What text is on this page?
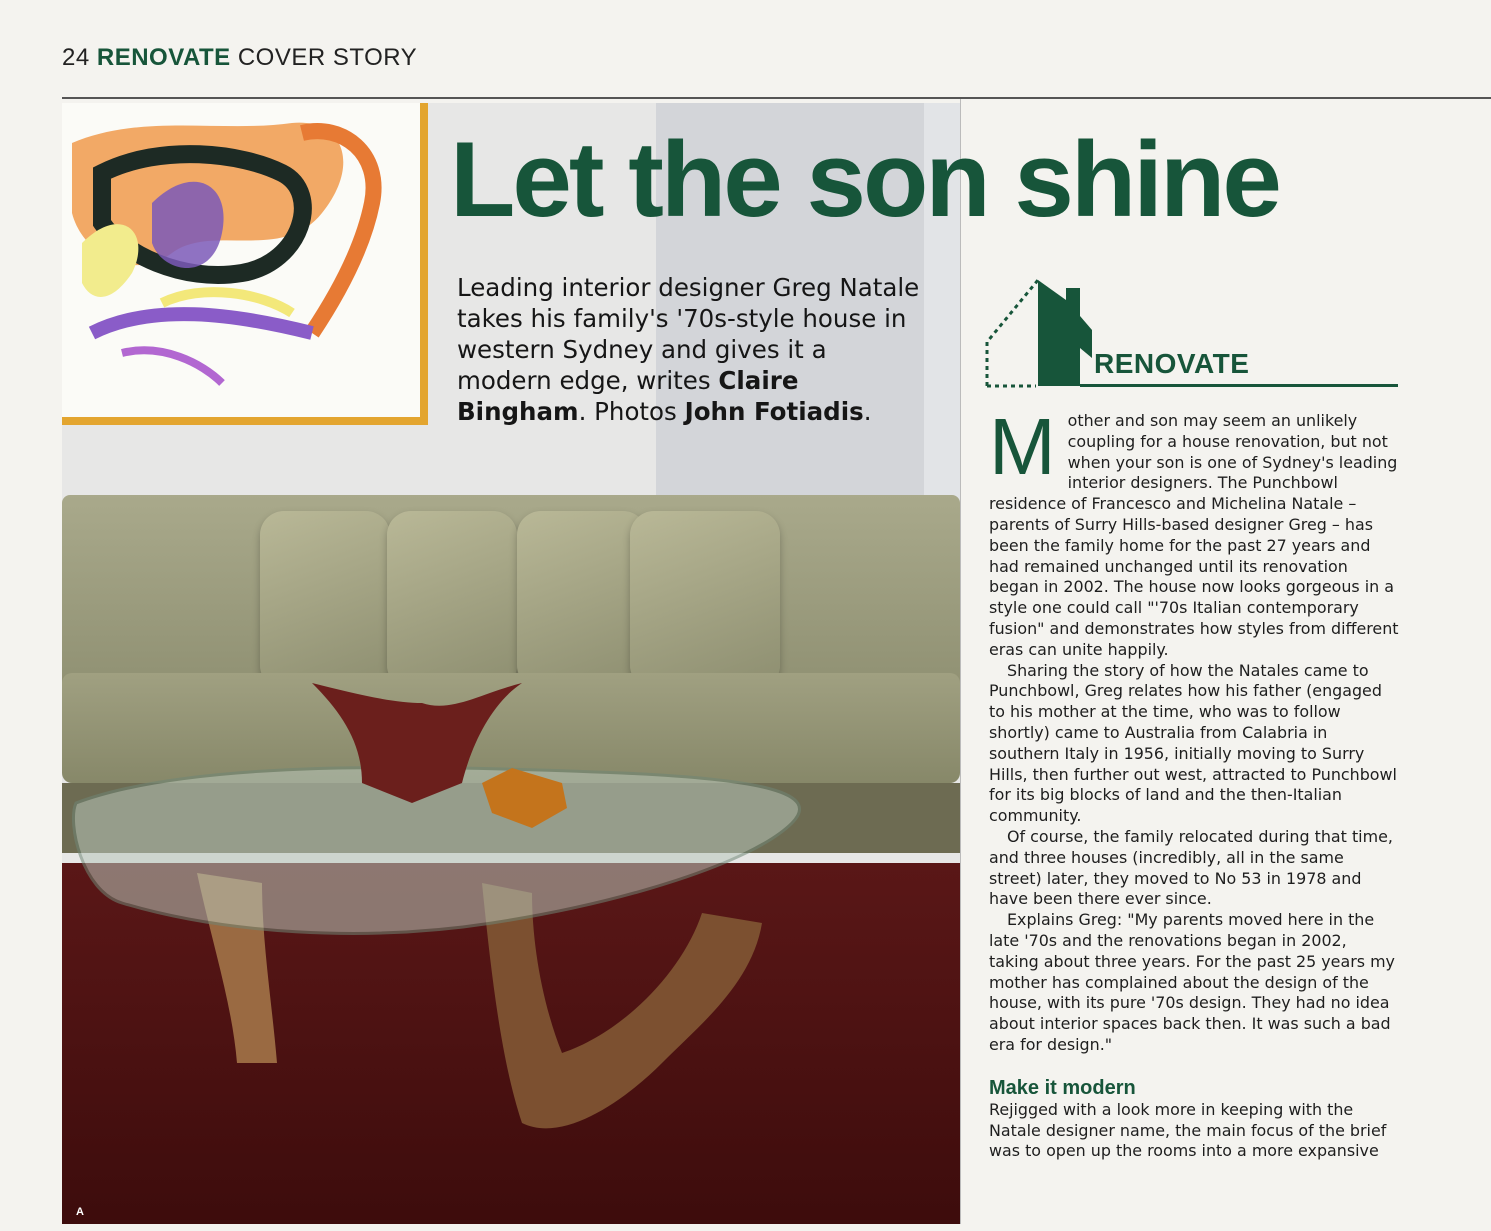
24 RENOVATE COVER STORY
A
Let the son shine

Leading interior designer Greg Natale takes his family's '70s-style house in western Sydney and gives it a modern edge, writes Claire Bingham. Photos John Fotiadis.

RENOVATE
M other and son may seem an unlikely coupling for a house renovation, but not when your son is one of Sydney's leading interior designers. The Punchbowl residence of Francesco and Michelina Natale – parents of Surry Hills-based designer Greg – has been the family home for the past 27 years and had remained unchanged until its renovation began in 2002. The house now looks gorgeous in a style one could call "'70s Italian contemporary fusion" and demonstrates how styles from different eras can unite happily.

Sharing the story of how the Natales came to Punchbowl, Greg relates how his father (engaged to his mother at the time, who was to follow shortly) came to Australia from Calabria in southern Italy in 1956, initially moving to Surry Hills, then further out west, attracted to Punchbowl for its big blocks of land and the then-Italian community.

Of course, the family relocated during that time, and three houses (incredibly, all in the same street) later, they moved to No 53 in 1978 and have been there ever since.

Explains Greg: "My parents moved here in the late '70s and the renovations began in 2002, taking about three years. For the past 25 years my mother has complained about the design of the house, with its pure '70s design. They had no idea about interior spaces back then. It was such a bad era for design."

Make it modern

Rejigged with a look more in keeping with the Natale designer name, the main focus of the brief was to open up the rooms into a more expansive
